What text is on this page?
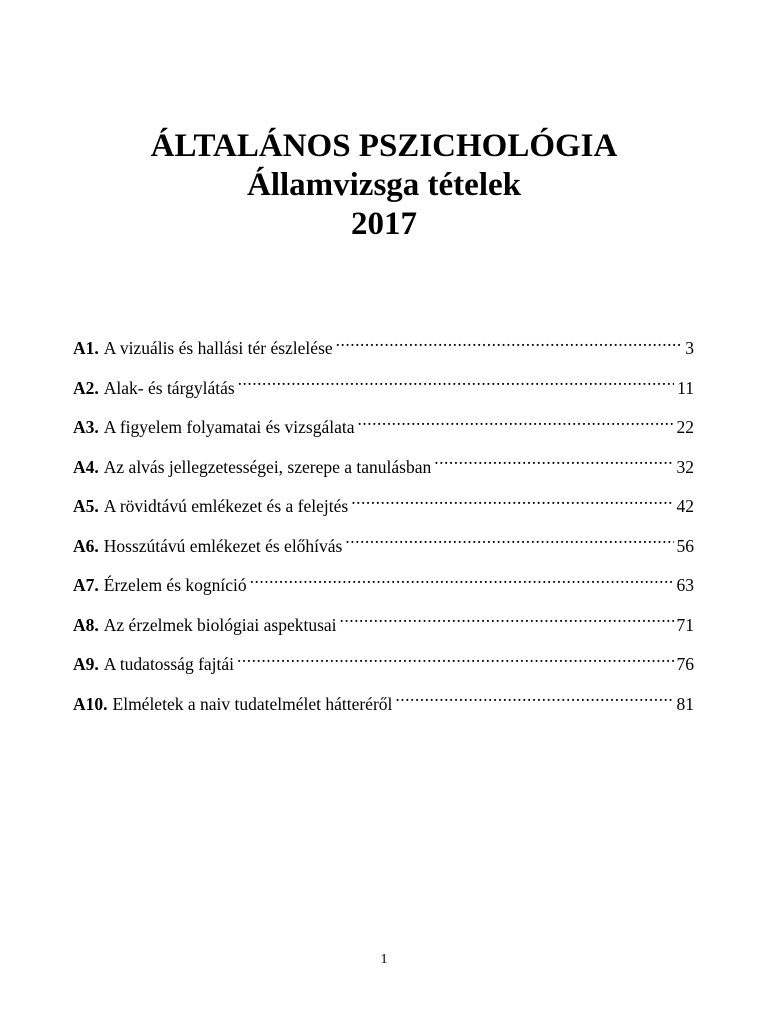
ÁLTALÁNOS PSZICHOLÓGIA
Államvizsga tételek
2017
A1. A vizuális és hallási tér észlelése .....	3
A2. Alak- és tárgylátás .....	11
A3. A figyelem folyamatai és vizsgálata .....	22
A4. Az alvás jellegzetességei, szerepe a tanulásban .....	32
A5. A rövidtávú emlékezet és a felejtés .....	42
A6. Hosszútávú emlékezet és előhívás .....	56
A7. Érzelem és kogníció .....	63
A8. Az érzelmek biológiai aspektusai .....	71
A9. A tudatosság fajtái .....	76
A10. Elméletek a naiv tudatelmélet hátteréről .....	81
1
